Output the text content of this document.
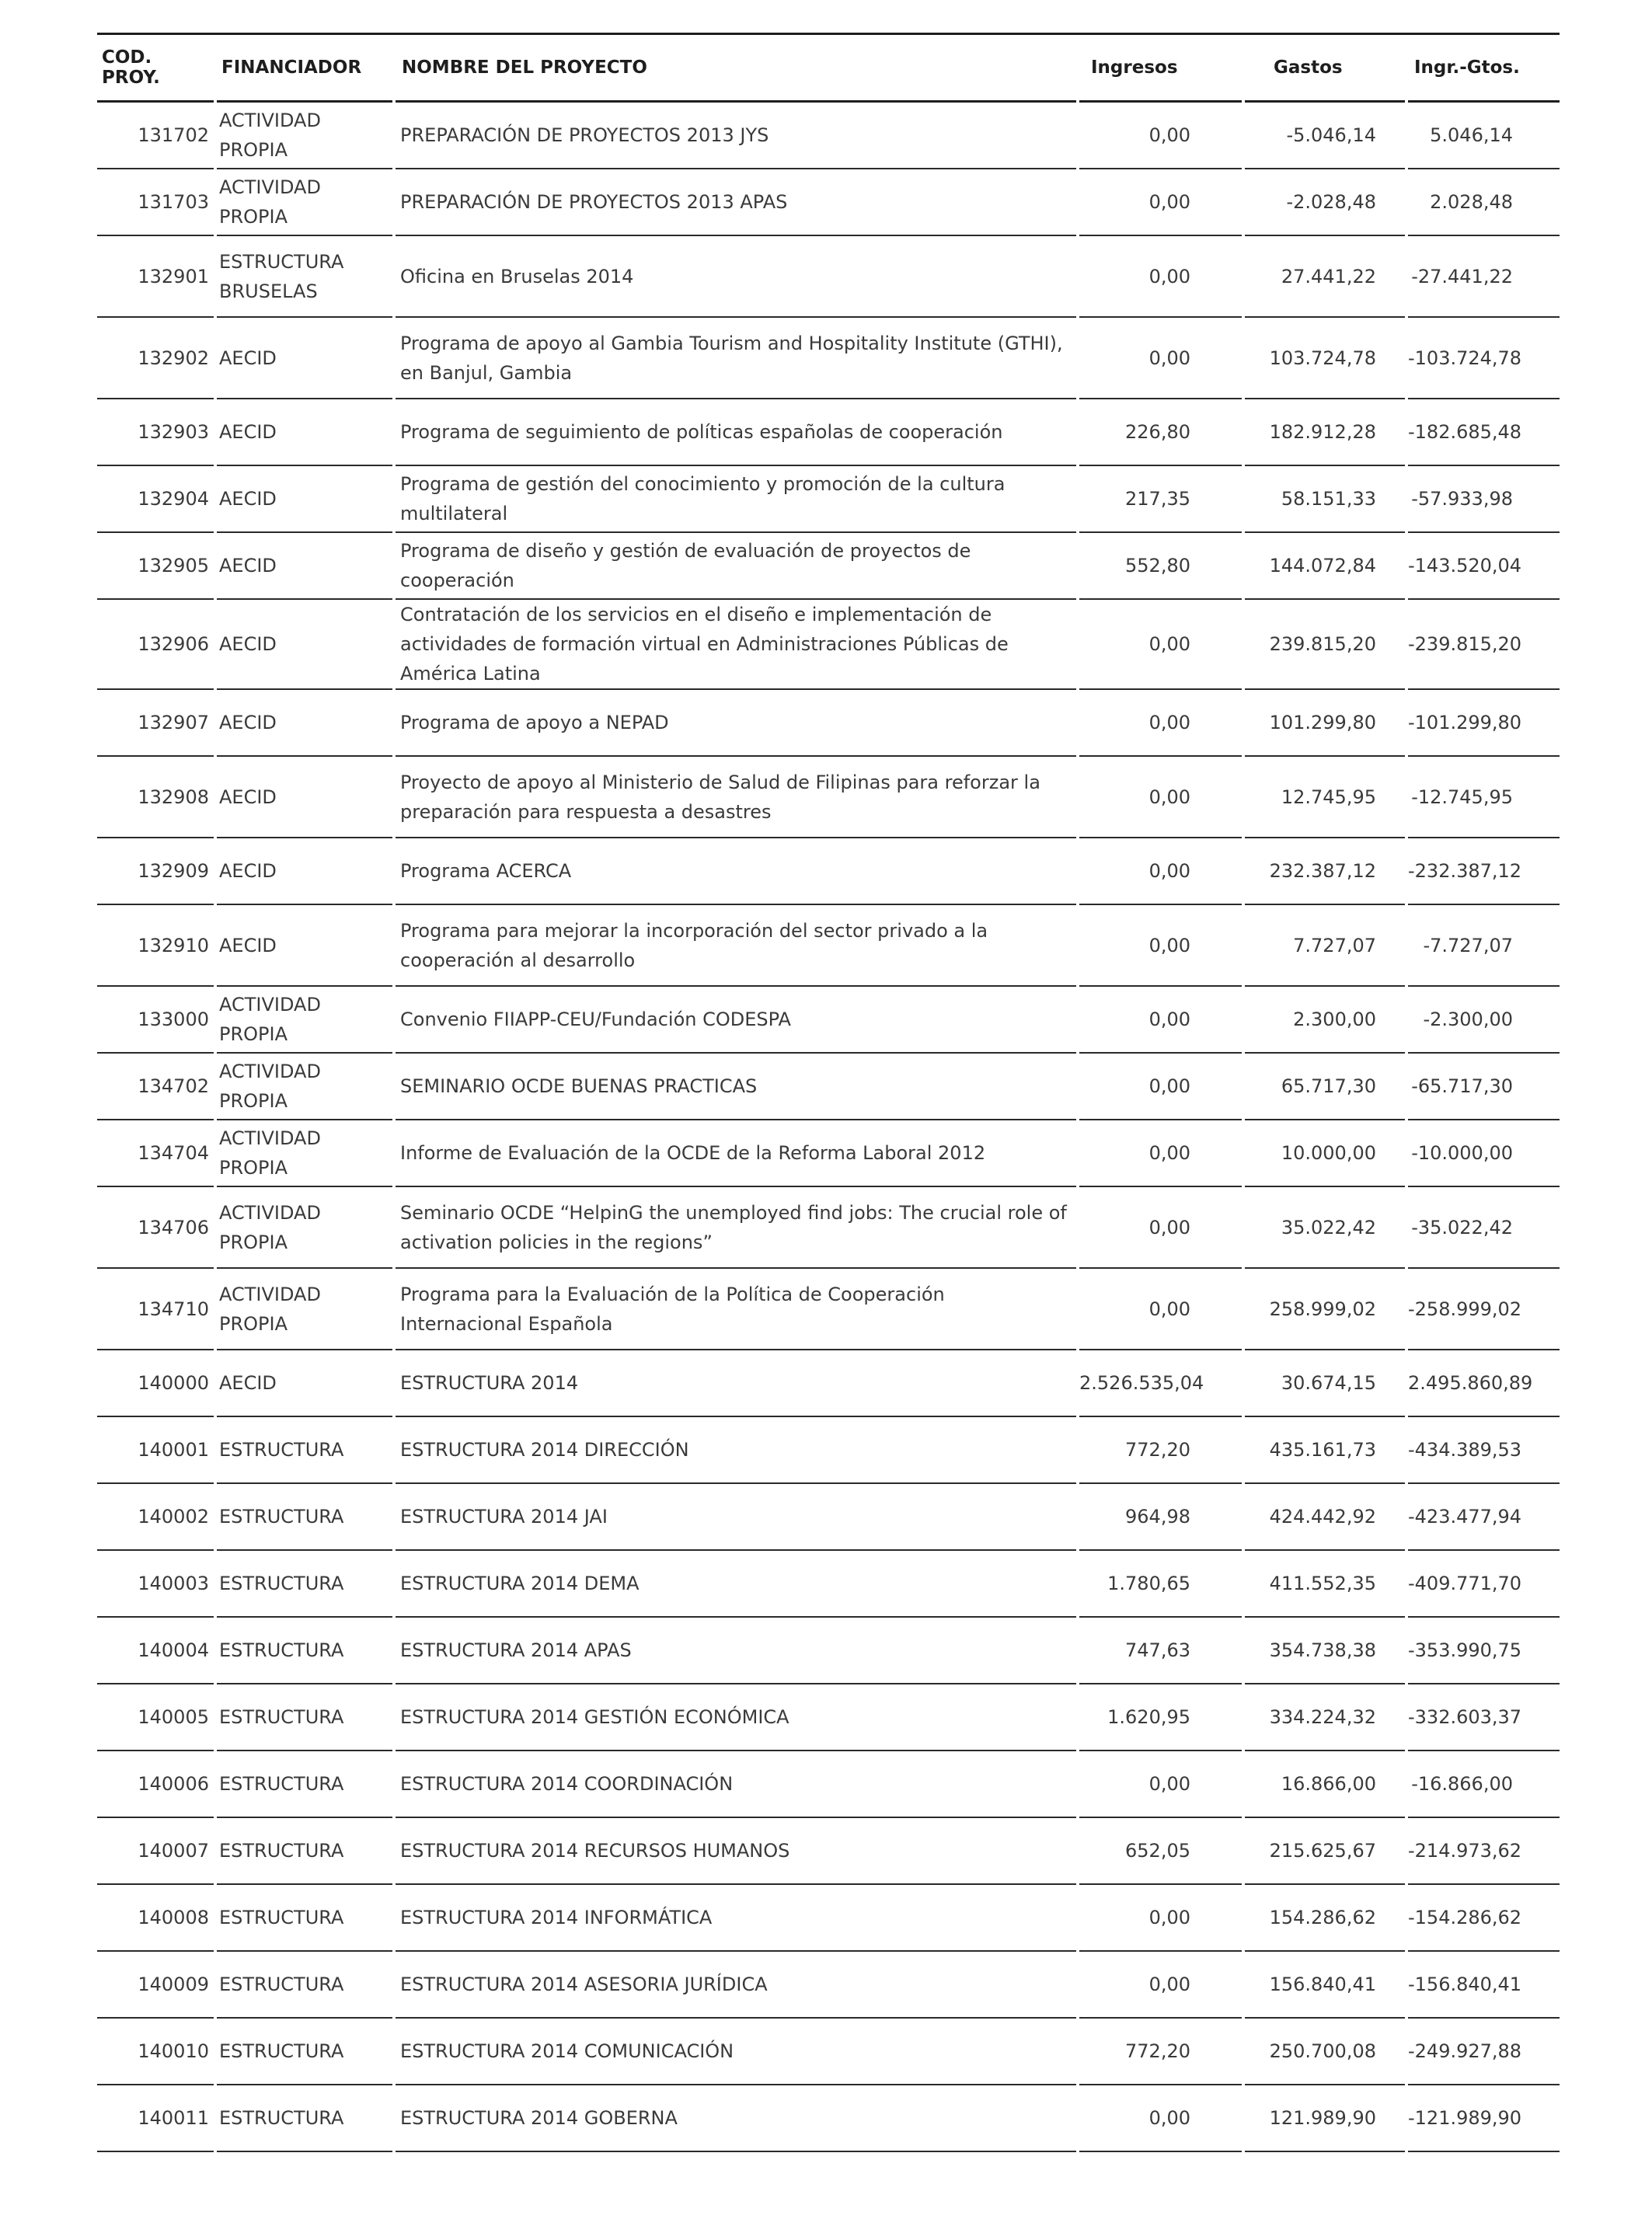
COD. PROY.	FINANCIADOR	NOMBRE DEL PROYECTO	Ingresos	Gastos	Ingr.-Gtos.
131702	ACTIVIDAD PROPIA	PREPARACIÓN DE PROYECTOS 2013 JYS	0,00	-5.046,14	5.046,14
131703	ACTIVIDAD PROPIA	PREPARACIÓN DE PROYECTOS 2013 APAS	0,00	-2.028,48	2.028,48
132901	ESTRUCTURA BRUSELAS	Oficina en Bruselas 2014	0,00	27.441,22	-27.441,22
132902	AECID	Programa de apoyo al Gambia Tourism and Hospitality Institute (GTHI), en Banjul, Gambia	0,00	103.724,78	-103.724,78
132903	AECID	Programa de seguimiento de políticas españolas de cooperación	226,80	182.912,28	-182.685,48
132904	AECID	Programa de gestión del conocimiento y promoción de la cultura multilateral	217,35	58.151,33	-57.933,98
132905	AECID	Programa de diseño y gestión de evaluación de proyectos de cooperación	552,80	144.072,84	-143.520,04
132906	AECID	Contratación de los servicios en el diseño e implementación de actividades de formación virtual en Administraciones Públicas de América Latina	0,00	239.815,20	-239.815,20
132907	AECID	Programa de apoyo a NEPAD	0,00	101.299,80	-101.299,80
132908	AECID	Proyecto de apoyo al Ministerio de Salud de Filipinas para reforzar la preparación para respuesta a desastres	0,00	12.745,95	-12.745,95
132909	AECID	Programa ACERCA	0,00	232.387,12	-232.387,12
132910	AECID	Programa para mejorar la incorporación del sector privado a la cooperación al desarrollo	0,00	7.727,07	-7.727,07
133000	ACTIVIDAD PROPIA	Convenio FIIAPP-CEU/Fundación CODESPA	0,00	2.300,00	-2.300,00
134702	ACTIVIDAD PROPIA	SEMINARIO OCDE BUENAS PRACTICAS	0,00	65.717,30	-65.717,30
134704	ACTIVIDAD PROPIA	Informe de Evaluación de la OCDE de la Reforma Laboral 2012	0,00	10.000,00	-10.000,00
134706	ACTIVIDAD PROPIA	Seminario OCDE “HelpinG the unemployed find jobs: The crucial role of activation policies in the regions”	0,00	35.022,42	-35.022,42
134710	ACTIVIDAD PROPIA	Programa para la Evaluación de la Política de Cooperación Internacional Española	0,00	258.999,02	-258.999,02
140000	AECID	ESTRUCTURA 2014	2.526.535,04	30.674,15	2.495.860,89
140001	ESTRUCTURA	ESTRUCTURA 2014 DIRECCIÓN	772,20	435.161,73	-434.389,53
140002	ESTRUCTURA	ESTRUCTURA 2014 JAI	964,98	424.442,92	-423.477,94
140003	ESTRUCTURA	ESTRUCTURA 2014 DEMA	1.780,65	411.552,35	-409.771,70
140004	ESTRUCTURA	ESTRUCTURA 2014 APAS	747,63	354.738,38	-353.990,75
140005	ESTRUCTURA	ESTRUCTURA 2014 GESTIÓN ECONÓMICA	1.620,95	334.224,32	-332.603,37
140006	ESTRUCTURA	ESTRUCTURA 2014 COORDINACIÓN	0,00	16.866,00	-16.866,00
140007	ESTRUCTURA	ESTRUCTURA 2014 RECURSOS HUMANOS	652,05	215.625,67	-214.973,62
140008	ESTRUCTURA	ESTRUCTURA 2014 INFORMÁTICA	0,00	154.286,62	-154.286,62
140009	ESTRUCTURA	ESTRUCTURA 2014 ASESORIA JURÍDICA	0,00	156.840,41	-156.840,41
140010	ESTRUCTURA	ESTRUCTURA 2014 COMUNICACIÓN	772,20	250.700,08	-249.927,88
140011	ESTRUCTURA	ESTRUCTURA 2014 GOBERNA	0,00	121.989,90	-121.989,90
